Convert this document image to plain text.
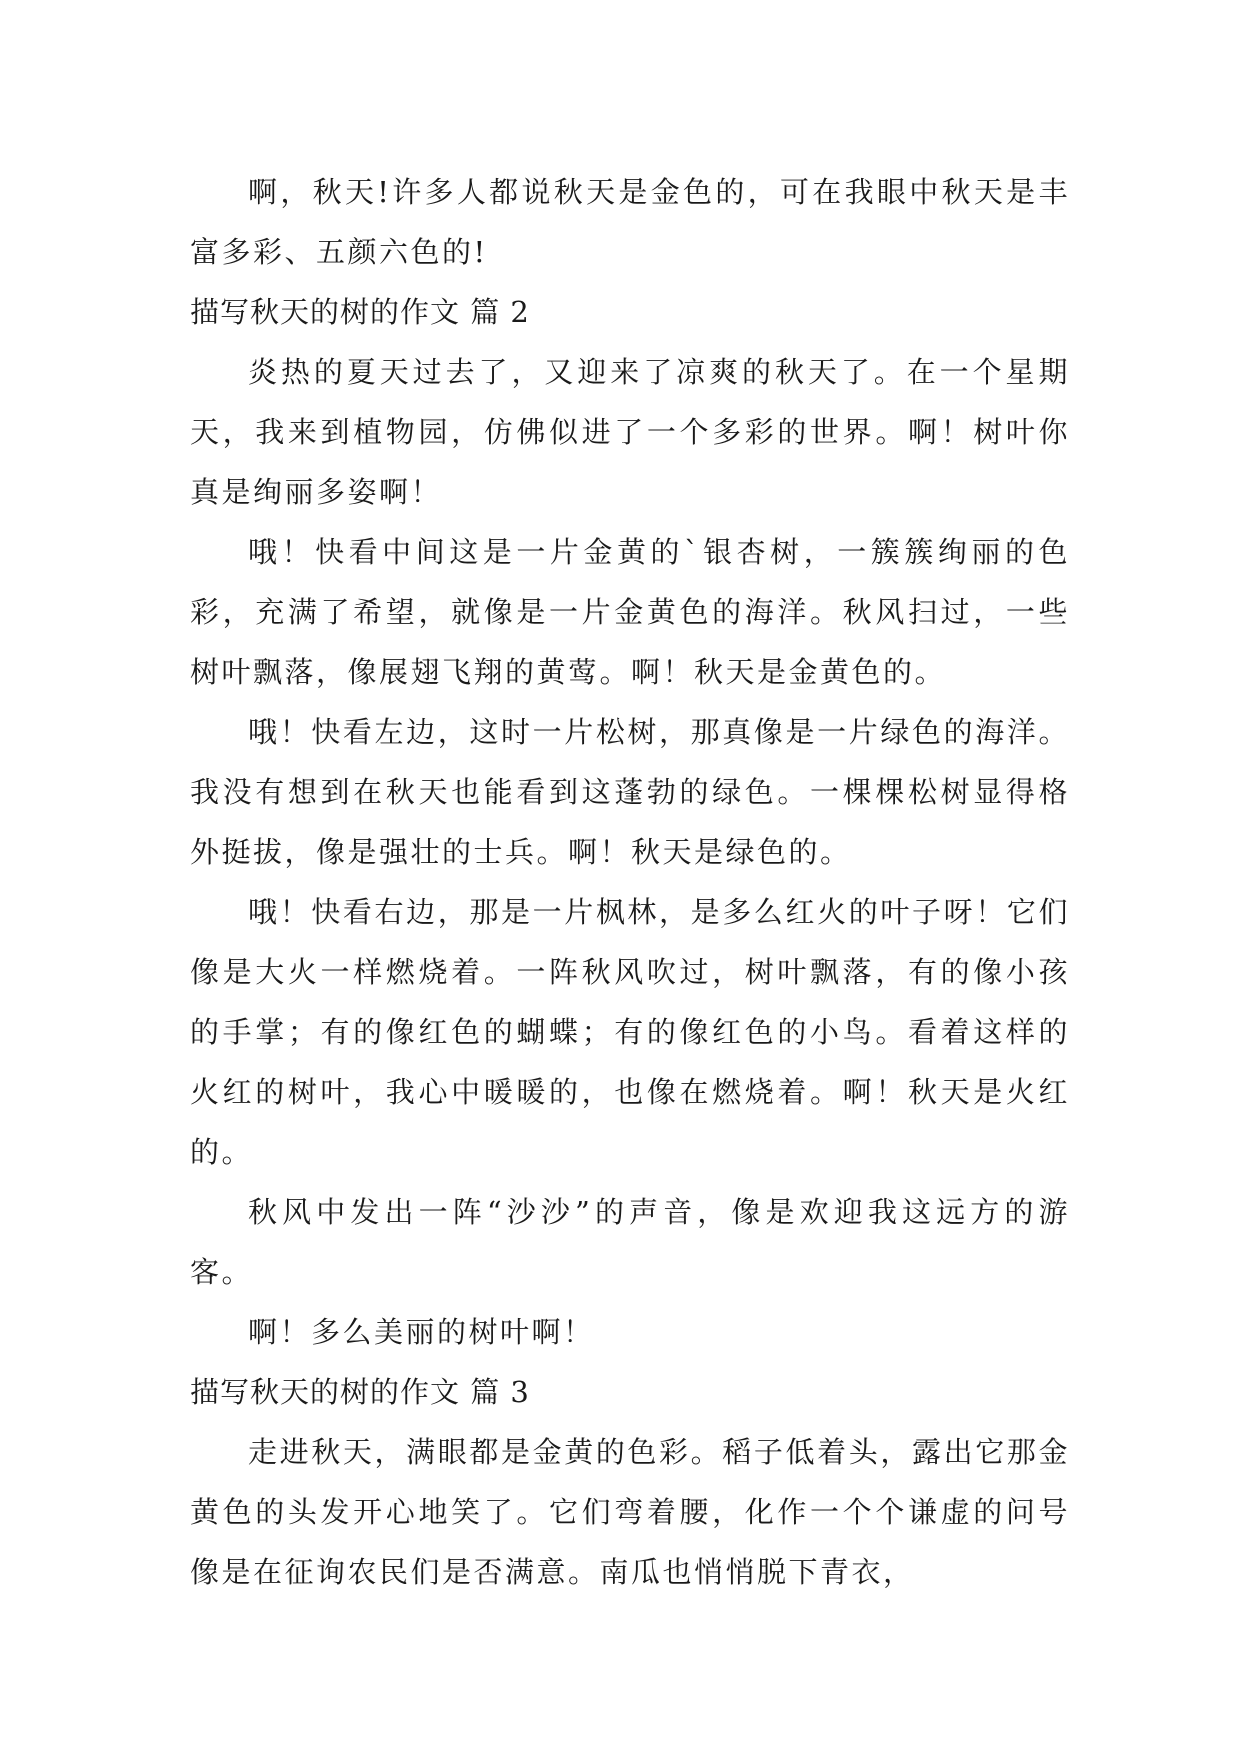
啊，秋天!许多人都说秋天是金色的，可在我眼中秋天是丰富多彩、五颜六色的!

描写秋天的树的作文 篇 2

炎热的夏天过去了，又迎来了凉爽的秋天了。在一个星期天，我来到植物园，仿佛似进了一个多彩的世界。啊！树叶你真是绚丽多姿啊！

哦！快看中间这是一片金黄的`银杏树，一簇簇绚丽的色彩，充满了希望，就像是一片金黄色的海洋。秋风扫过，一些树叶飘落，像展翅飞翔的黄莺。啊！秋天是金黄色的。

哦！快看左边，这时一片松树，那真像是一片绿色的海洋。我没有想到在秋天也能看到这蓬勃的绿色。一棵棵松树显得格外挺拔，像是强壮的士兵。啊！秋天是绿色的。

哦！快看右边，那是一片枫林，是多么红火的叶子呀！它们像是大火一样燃烧着。一阵秋风吹过，树叶飘落，有的像小孩的手掌；有的像红色的蝴蝶；有的像红色的小鸟。看着这样的火红的树叶，我心中暖暖的，也像在燃烧着。啊！秋天是火红的。

秋风中发出一阵“沙沙”的声音，像是欢迎我这远方的游客。

啊！多么美丽的树叶啊！

描写秋天的树的作文 篇 3

走进秋天，满眼都是金黄的色彩。稻子低着头，露出它那金黄色的头发开心地笑了。它们弯着腰，化作一个个谦虚的问号像是在征询农民们是否满意。南瓜也悄悄脱下青衣，
